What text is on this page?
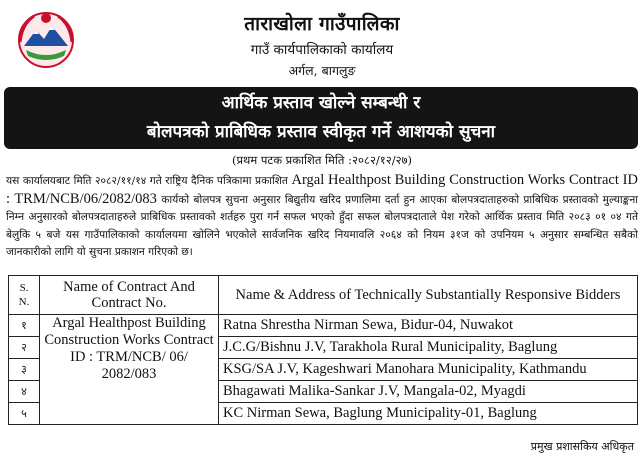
ताराखोला गाउँपालिका
गाउँ कार्यपालिकाको कार्यालय
अर्गल, बागलुङ
आर्थिक प्रस्ताव खोल्ने सम्बन्धी र
बोलपत्रको प्राबिधिक प्रस्ताव स्वीकृत गर्ने आशयको सुचना
(प्रथम पटक प्रकाशित मिति :२०८२/१२/२७)
यस कार्यालयबाट मिति २०८२/११/१४ गते राष्ट्रिय दैनिक पत्रिकामा प्रकाशित Argal Healthpost Building Construction Works Contract ID : TRM/NCB/06/2082/083 कार्यको बोलपत्र सुचना अनुसार बिद्युतीय खरिद प्रणालिमा दर्ता हुन आएका बोलपत्रदाताहरुको प्राबिधिक प्रस्तावको मुल्याङ्कना निम्न अनुसारको बोलपत्रदाताहरुले प्राबिधिक प्रस्तावको शर्तहरु पुरा गर्न सफल भएको हुँदा सफल बोलपत्रदाताले पेश गरेको आर्थिक प्रस्ताव मिति २०८३ ०१ ०४ गते बेलुकि ५ बजे यस गाउँपालिकाको कार्यालयमा खोलिने भएकोले सार्वजनिक खरिद नियमावलि २०६४ को नियम ३१ज को उपनियम ५ अनुसार सम्बन्धित सबैको जानकारीको लागि यो सुचना प्रकाशन गरिएको छ।
S. N.	Name of Contract And Contract No.	Name & Address of Technically Substantially Responsive Bidders
१	Argal Healthpost Building Construction Works Contract ID : TRM/NCB/ 06/ 2082/083	Ratna Shrestha Nirman Sewa, Bidur-04, Nuwakot
२		J.C.G/Bishnu J.V, Tarakhola Rural Municipality, Baglung
३		KSG/SA J.V, Kageshwari Manohara Municipality, Kathmandu
४		Bhagawati Malika-Sankar J.V, Mangala-02, Myagdi
५		KC Nirman Sewa, Baglung Municipality-01, Baglung
प्रमुख प्रशासकिय अधिकृत
